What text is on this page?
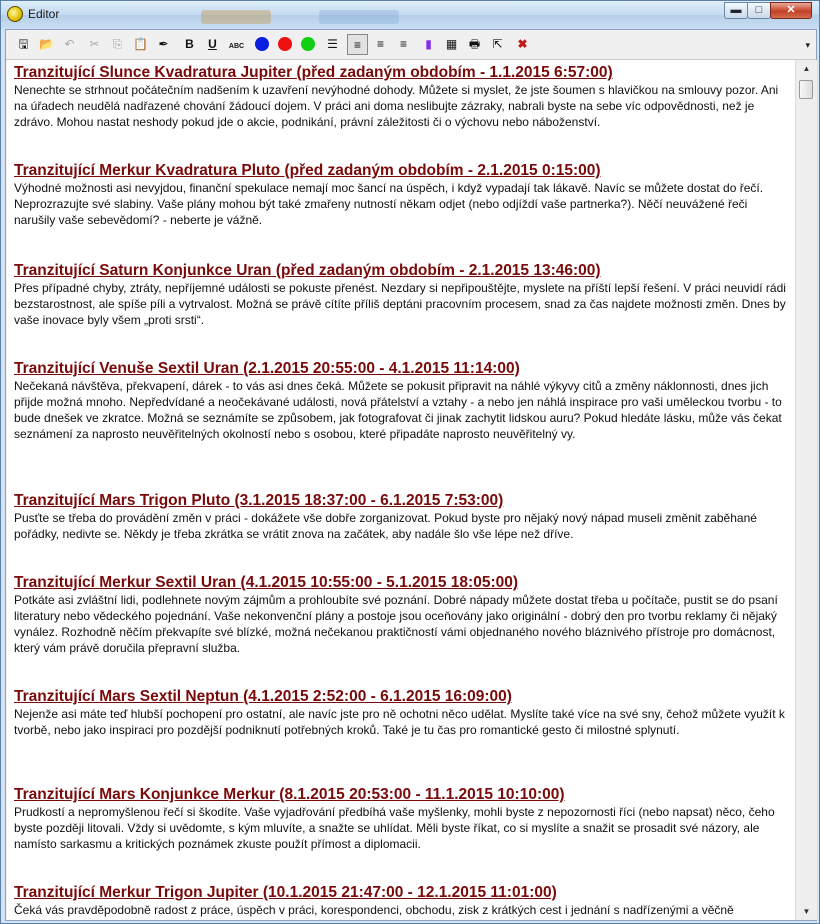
Editor	▬	□	✕
▾
🖫 📂 ↶	✂	⎘ 📋 ✒	B	U	ABC	☰	≡	≡	≡	▮	▦ 🖶	⇱	✖
Tranzitující Slunce Kvadratura Jupiter (před zadaným obdobím - 1.1.2015 6:57:00)
Nenechte se strhnout počátečním nadšením k uzavření nevýhodné dohody. Můžete si myslet, že jste šoumen s hlavičkou na smlouvy pozor. Ani na úřadech neudělá nadřazené chování žádoucí dojem. V práci ani doma neslibujte zázraky, nabrali byste na sebe víc odpovědnosti, než je zdrávo. Mohou nastat neshody pokud jde o akcie, podnikání, právní záležitosti či o výchovu nebo náboženství.
Tranzitující Merkur Kvadratura Pluto (před zadaným obdobím - 2.1.2015 0:15:00)
Výhodné možnosti asi nevyjdou, finanční spekulace nemají moc šancí na úspěch, i když vypadají tak lákavě. Navíc se můžete dostat do řečí. Neprozrazujte své slabiny. Vaše plány mohou být také zmařeny nutností někam odjet (nebo odjíždí vaše partnerka?). Něčí neuvážené řeči narušily vaše sebevědomí? - neberte je vážně.
Tranzitující Saturn Konjunkce Uran (před zadaným obdobím - 2.1.2015 13:46:00)
Přes případné chyby, ztráty, nepříjemné události se pokuste přenést. Nezdary si nepřipouštějte, myslete na příští lepší řešení. V práci neuvidí rádi bezstarostnost, ale spíše píli a vytrvalost. Možná se právě cítíte příliš deptáni pracovním procesem, snad za čas najdete možnosti změn. Dnes by vaše inovace byly všem „proti srsti“.
Tranzitující Venuše Sextil Uran (2.1.2015 20:55:00 - 4.1.2015 11:14:00)
Nečekaná návštěva, překvapení, dárek - to vás asi dnes čeká. Můžete se pokusit připravit na náhlé výkyvy citů a změny náklonnosti, dnes jich přijde možná mnoho. Nepředvídané a neočekávané události, nová přátelství a vztahy - a nebo jen náhlá inspirace pro vaši uměleckou tvorbu - to bude dnešek ve zkratce. Možná se seznámíte se způsobem, jak fotografovat či jinak zachytit lidskou auru? Pokud hledáte lásku, může vás čekat seznámení za naprosto neuvěřitelných okolností nebo s osobou, které připadáte naprosto neuvěřitelný vy.
Tranzitující Mars Trigon Pluto (3.1.2015 18:37:00 - 6.1.2015 7:53:00)
Pusťte se třeba do provádění změn v práci - dokážete vše dobře zorganizovat. Pokud byste pro nějaký nový nápad museli změnit zaběhané pořádky, nedivte se. Někdy je třeba zkrátka se vrátit znova na začátek, aby nadále šlo vše lépe než dříve.
Tranzitující Merkur Sextil Uran (4.1.2015 10:55:00 - 5.1.2015 18:05:00)
Potkáte asi zvláštní lidi, podlehnete novým zájmům a prohloubíte své poznání. Dobré nápady můžete dostat třeba u počítače, pustit se do psaní literatury nebo vědeckého pojednání. Vaše nekonvenční plány a postoje jsou oceňovány jako originální - dobrý den pro tvorbu reklamy či nějaký vynález. Rozhodně něčím překvapíte své blízké, možná nečekanou praktičností vámi objednaného nového bláznivého přístroje pro domácnost, který vám právě doručila přepravní služba.
Tranzitující Mars Sextil Neptun (4.1.2015 2:52:00 - 6.1.2015 16:09:00)
Nejenže asi máte teď hlubší pochopení pro ostatní, ale navíc jste pro ně ochotni něco udělat. Myslíte také více na své sny, čehož můžete využít k tvorbě, nebo jako inspiraci pro pozdější podniknutí potřebných kroků. Také je tu čas pro romantické gesto či milostné splynutí.
Tranzitující Mars Konjunkce Merkur (8.1.2015 20:53:00 - 11.1.2015 10:10:00)
Prudkostí a nepromyšlenou řečí si škodíte. Vaše vyjadřování předbíhá vaše myšlenky, mohli byste z nepozornosti říci (nebo napsat) něco, čeho byste později litovali. Vždy si uvědomte, s kým mluvíte, a snažte se uhlídat. Měli byste říkat, co si myslíte a snažit se prosadit své názory, ale namísto sarkasmu a kritických poznámek zkuste použít přímost a diplomacii.
Tranzitující Merkur Trigon Jupiter (10.1.2015 21:47:00 - 12.1.2015 11:01:00)
Čeká vás pravděpodobně radost z práce, úspěch v práci, korespondenci, obchodu, zisk z krátkých cest i jednání s nadřízenými a věčně
▲
▼
